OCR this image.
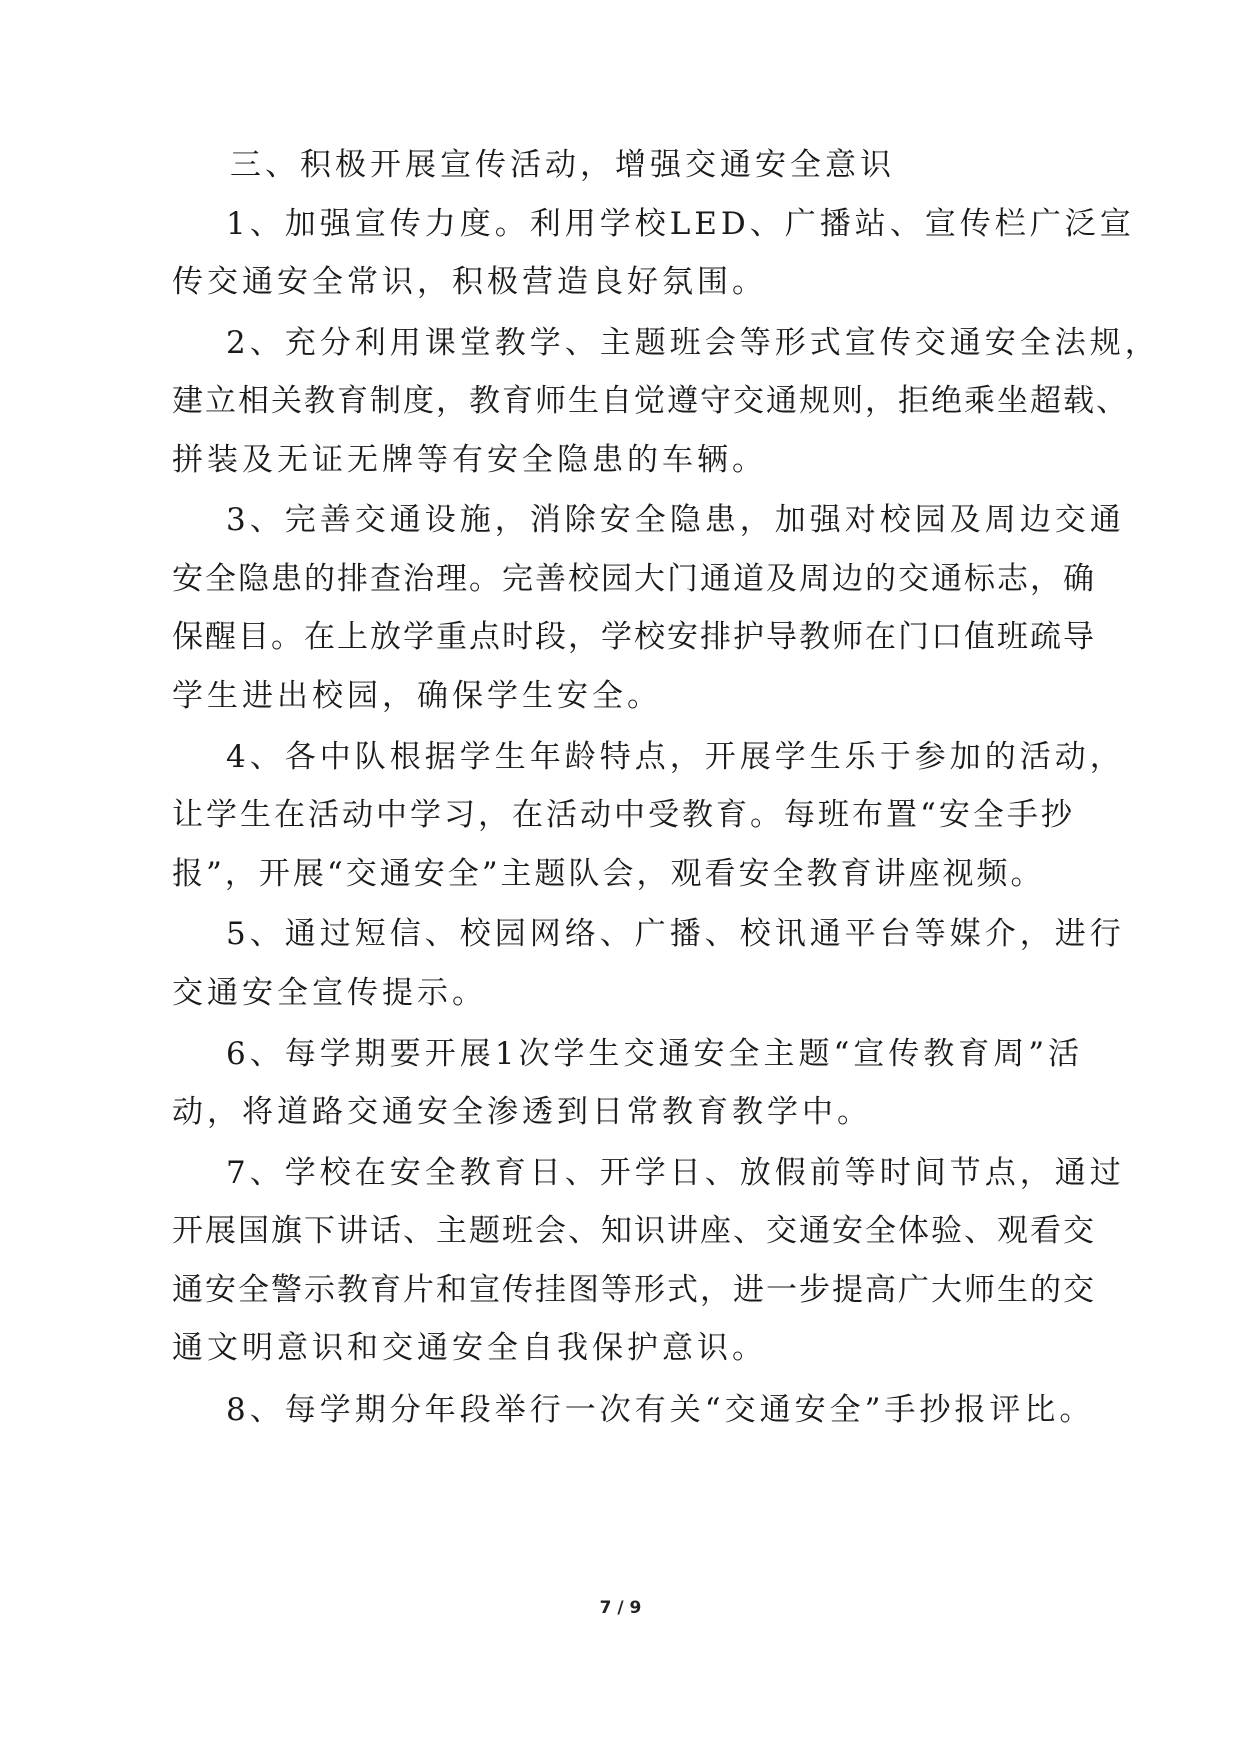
三、积极开展宣传活动，增强交通安全意识

1、加强宣传力度。利用学校LED、广播站、宣传栏广泛宣

传交通安全常识，积极营造良好氛围。

2、充分利用课堂教学、主题班会等形式宣传交通安全法规，

建立相关教育制度，教育师生自觉遵守交通规则，拒绝乘坐超载、

拼装及无证无牌等有安全隐患的车辆。

3、完善交通设施，消除安全隐患，加强对校园及周边交通

安全隐患的排查治理。完善校园大门通道及周边的交通标志，确

保醒目。在上放学重点时段，学校安排护导教师在门口值班疏导

学生进出校园，确保学生安全。

4、各中队根据学生年龄特点，开展学生乐于参加的活动，

让学生在活动中学习，在活动中受教育。每班布置“安全手抄

报”，开展“交通安全”主题队会，观看安全教育讲座视频。

5、通过短信、校园网络、广播、校讯通平台等媒介，进行

交通安全宣传提示。

6、每学期要开展1次学生交通安全主题“宣传教育周”活

动，将道路交通安全渗透到日常教育教学中。

7、学校在安全教育日、开学日、放假前等时间节点，通过

开展国旗下讲话、主题班会、知识讲座、交通安全体验、观看交

通安全警示教育片和宣传挂图等形式，进一步提高广大师生的交

通文明意识和交通安全自我保护意识。

8、每学期分年段举行一次有关“交通安全”手抄报评比。

7 / 9
